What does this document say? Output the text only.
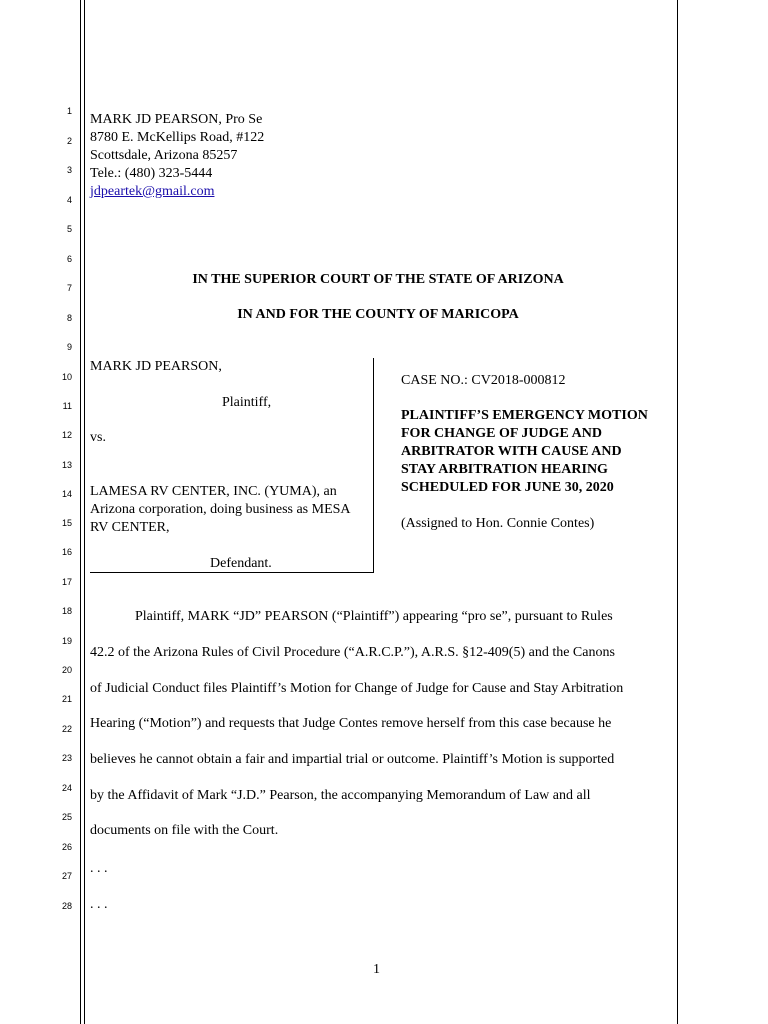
1
2
3
4
5
6
7
8
9
10
11
12
13
14
15
16
17
18
19
20
21
22
23
24
25
26
27
28
MARK JD PEARSON, Pro Se
8780 E. McKellips Road, #122
Scottsdale, Arizona 85257
Tele.: (480) 323-5444
jdpeartek@gmail.com
IN THE SUPERIOR COURT OF THE STATE OF ARIZONA
IN AND FOR THE COUNTY OF MARICOPA
MARK JD PEARSON,
Plaintiff,
vs.
LAMESA RV CENTER, INC. (YUMA), an
Arizona corporation, doing business as MESA
RV CENTER,
Defendant.
CASE NO.: CV2018-000812
PLAINTIFF’S EMERGENCY MOTION
FOR CHANGE OF JUDGE AND
ARBITRATOR WITH CAUSE AND
STAY ARBITRATION HEARING
SCHEDULED FOR JUNE 30, 2020
(Assigned to Hon. Connie Contes)
Plaintiff, MARK “JD” PEARSON (“Plaintiff”) appearing “pro se”, pursuant to Rules
42.2 of the Arizona Rules of Civil Procedure (“A.R.C.P.”), A.R.S. §12-409(5) and the Canons
of Judicial Conduct files Plaintiff’s Motion for Change of Judge for Cause and Stay Arbitration
Hearing (“Motion”) and requests that Judge Contes remove herself from this case because he
believes he cannot obtain a fair and impartial trial or outcome. Plaintiff’s Motion is supported
by the Affidavit of Mark “J.D.” Pearson, the accompanying Memorandum of Law and all
documents on file with the Court.
. . .
. . .
1
